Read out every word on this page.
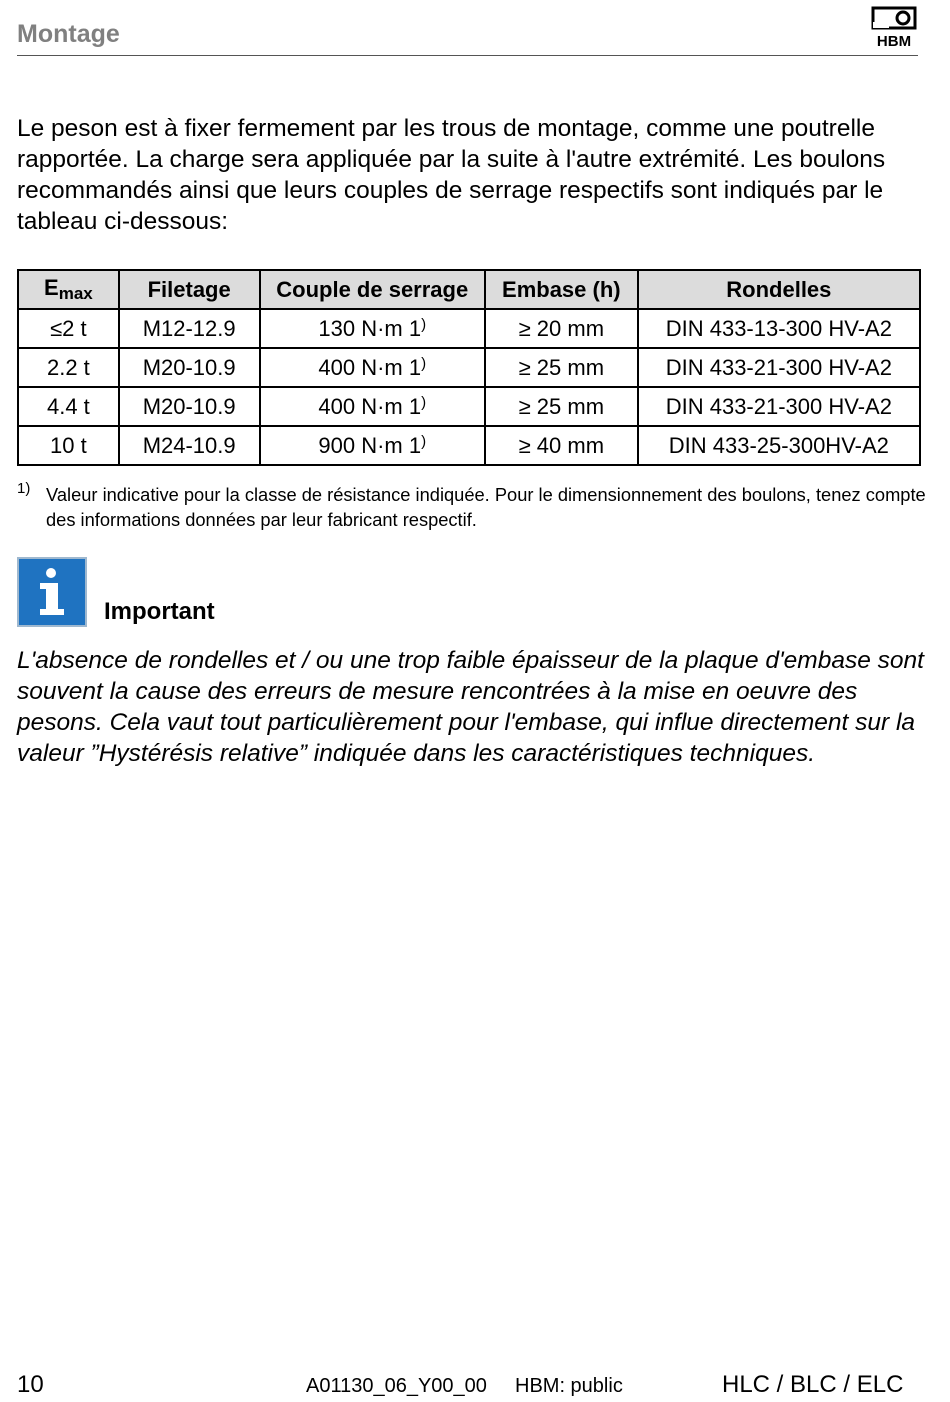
Montage	HBM

Le peson est à fixer fermement par les trous de montage, comme une poutrelle rapportée. La charge sera appliquée par la suite à l'autre extrémité. Les boulons recommandés ainsi que leurs couples de serrage respectifs sont indiqués par le tableau ci-dessous:

$E_{max}$	Filetage	Couple de serrage	Embase (h)	Rondelles
≤2 t	M12-12.9	130 N·m 1)	≥ 20 mm	DIN 433-13-300 HV-A2
2.2 t	M20-10.9	400 N·m 1)	≥ 25 mm	DIN 433-21-300 HV-A2
4.4 t	M20-10.9	400 N·m 1)	≥ 25 mm	DIN 433-21-300 HV-A2
10 t	M24-10.9	900 N·m 1)	≥ 40 mm	DIN 433-25-300HV-A2
1) Valeur indicative pour la classe de résistance indiquée. Pour le dimensionnement des boulons, tenez compte des informations données par leur fabricant respectif.

Important

L'absence de rondelles et / ou une trop faible épaisseur de la plaque d'embase sont souvent la cause des erreurs de mesure rencontrées à la mise en oeuvre des pesons. Cela vaut tout particulièrement pour l'embase, qui influe directement sur la valeur ”Hystérésis relative” indiquée dans les caractéristiques techniques.

10	A01130_06_Y00_00 HBM: public	HLC / BLC / ELC
